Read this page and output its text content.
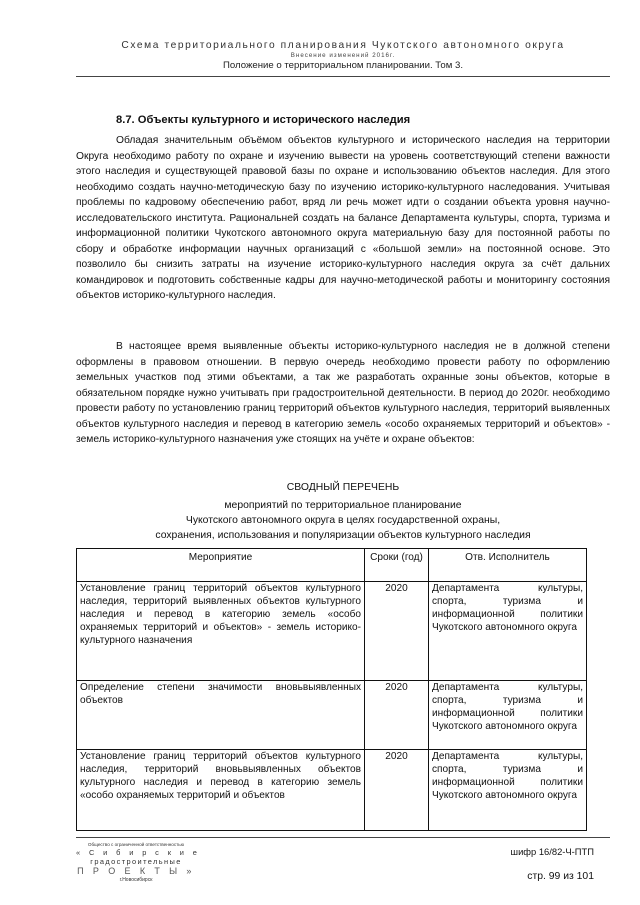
Схема территориального планирования Чукотского автономного округа
Внесение изменений 2016г.
Положение о территориальном планировании. Том 3.
8.7. Объекты культурного и исторического наследия

Обладая значительным объёмом объектов культурного и исторического наследия на территории Округа необходимо работу по охране и изучению вывести на уровень соответствующий степени важности этого наследия и существующей правовой базы по охране и использованию объектов наследия. Для этого необходимо создать научно-методическую базу по изучению историко-культурного наследования. Учитывая проблемы по кадровому обеспечению работ, вряд ли речь может идти о создании объекта уровня научно-исследовательского института. Рациональней создать на балансе Департамента культуры, спорта, туризма и информационной политики Чукотского автономного округа материальную базу для постоянной работы по сбору и обработке информации научных организаций с «большой земли» на постоянной основе. Это позволило бы снизить затраты на изучение историко-культурного наследия округа за счёт дальних командировок и подготовить собственные кадры для научно-методической работы и мониторингу состояния объектов историко-культурного наследия.

В настоящее время выявленные объекты историко-культурного наследия не в должной степени оформлены в правовом отношении. В первую очередь необходимо провести работу по оформлению земельных участков под этими объектами, а так же разработать охранные зоны объектов, которые в обязательном порядке нужно учитывать при градостроительной деятельности. В период до 2020г. необходимо провести работу по установлению границ территорий объектов культурного наследия, территорий выявленных объектов культурного наследия и перевод в категорию земель «особо охраняемых территорий и объектов» - земель историко-культурного назначения уже стоящих на учёте и охране объектов:

СВОДНЫЙ ПЕРЕЧЕНЬ
мероприятий по территориальное планирование
Чукотского автономного округа в целях государственной охраны,
сохранения, использования и популяризации объектов культурного наследия
Мероприятие	Сроки (год)	Отв. Исполнитель
Установление границ территорий объектов культурного наследия, территорий выявленных объектов культурного наследия и перевод в категорию земель «особо охраняемых территорий и объектов» - земель историко-культурного назначения	2020	Департамента культуры, спорта, туризма и информационной политики Чукотского автономного округа
Определение степени значимости вновьвыявленных объектов	2020	Департамента культуры, спорта, туризма и информационной политики Чукотского автономного округа
Установление границ территорий объектов культурного наследия, территорий вновьвыявленных объектов культурного наследия и перевод в категорию земель «особо охраняемых территорий и объектов	2020	Департамента культуры, спорта, туризма и информационной политики Чукотского автономного округа
Общество с ограниченной ответственностью
« С и б и р с к и е
градостроительные
П Р О Е К Т Ы »
г.Новосибирск
шифр 16/82-Ч-ПТП
стр. 99 из 101
